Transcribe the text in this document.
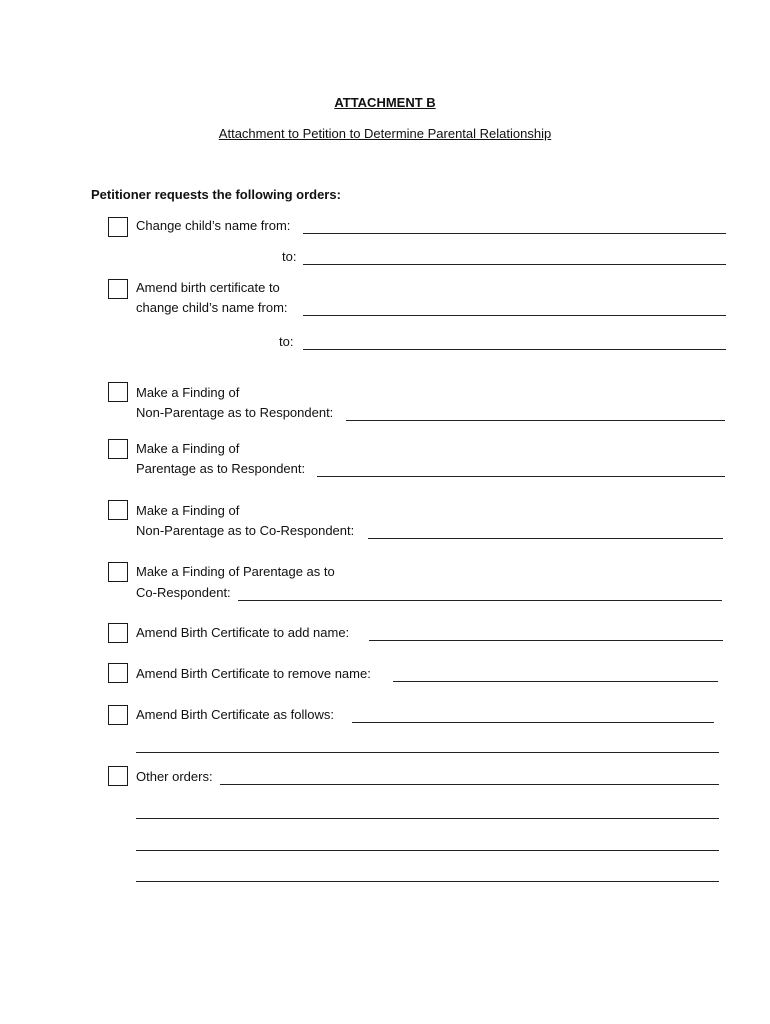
ATTACHMENT B
Attachment to Petition to Determine Parental Relationship
Petitioner requests the following orders:
Change child’s name from:
to:
Amend birth certificate to
change child’s name from:
to:
Make a Finding of
Non-Parentage as to Respondent:
Make a Finding of
Parentage as to Respondent:
Make a Finding of
Non-Parentage as to Co-Respondent:
Make a Finding of Parentage as to
Co-Respondent:
Amend Birth Certificate to add name:
Amend Birth Certificate to remove name:
Amend Birth Certificate as follows:
Other orders:
